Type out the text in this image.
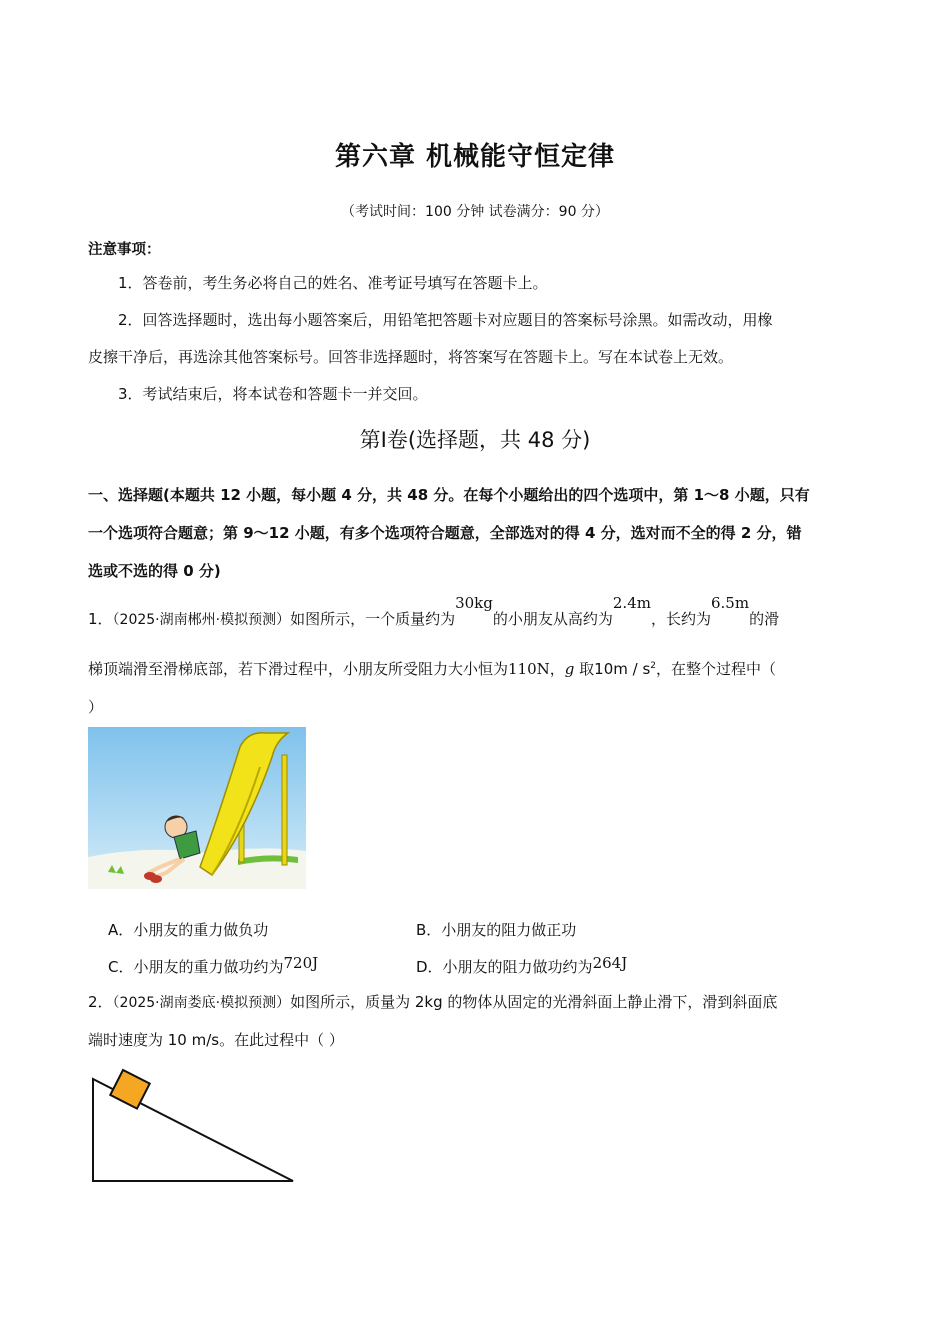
第六章 机械能守恒定律
（考试时间：100 分钟 试卷满分：90 分）
注意事项：
1．答卷前，考生务必将自己的姓名、准考证号填写在答题卡上。
2．回答选择题时，选出每小题答案后，用铅笔把答题卡对应题目的答案标号涂黑。如需改动，用橡
皮擦干净后，再选涂其他答案标号。回答非选择题时，将答案写在答题卡上。写在本试卷上无效。
3．考试结束后，将本试卷和答题卡一并交回。
第Ⅰ卷(选择题，共 48 分)
一、选择题(本题共 12 小题，每小题 4 分，共 48 分。在每个小题给出的四个选项中，第 1～8 小题，只有
一个选项符合题意；第 9～12 小题，有多个选项符合题意，全部选对的得 4 分，选对而不全的得 2 分，错
选或不选的得 0 分)
1．（2025·湖南郴州·模拟预测）如图所示，一个质量约为30kg的小朋友从高约为2.4m，长约为6.5m的滑
梯顶端滑至滑梯底部，若下滑过程中，小朋友所受阻力大小恒为110N，g 取$10m / s^2$，在整个过程中（
）
A．小朋友的重力做负功	B．小朋友的阻力做正功
C．小朋友的重力做功约为720J	D．小朋友的阻力做功约为264J
2．（2025·湖南娄底·模拟预测）如图所示，质量为 2kg 的物体从固定的光滑斜面上静止滑下，滑到斜面底
端时速度为 10 m/s。在此过程中（ ）
